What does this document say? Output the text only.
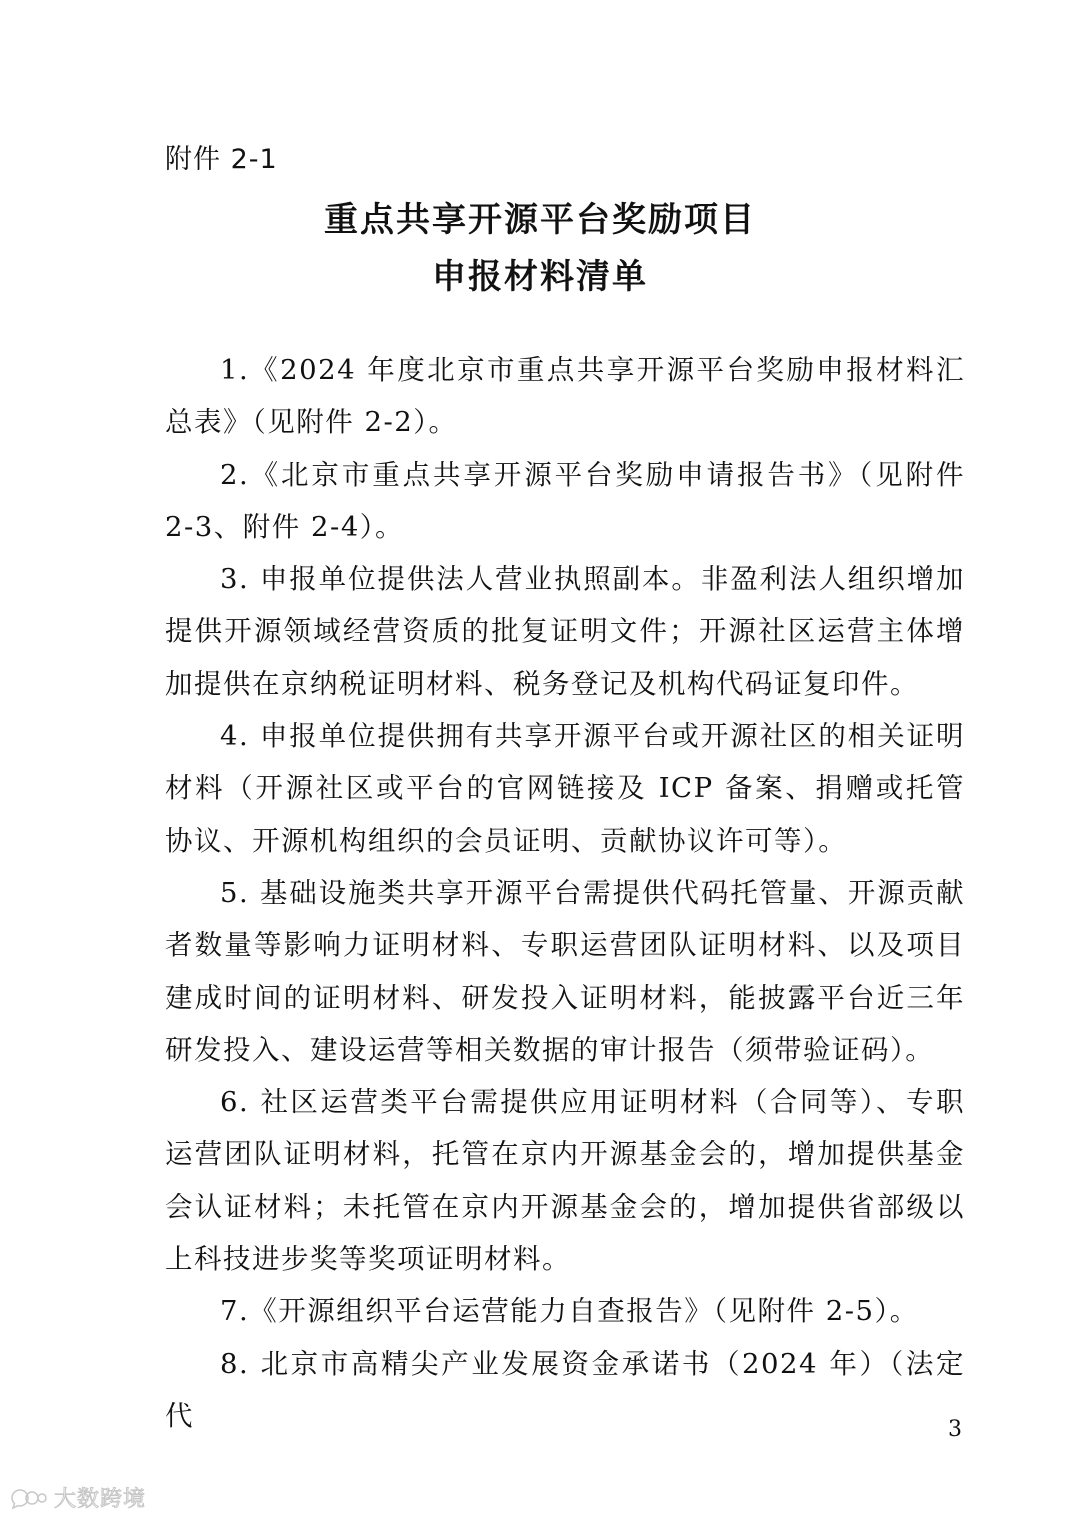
附件 2-1
重点共享开源平台奖励项目
申报材料清单

1.《2024 年度北京市重点共享开源平台奖励申报材料汇总表》（见附件 2-2）。

2.《北京市重点共享开源平台奖励申请报告书》（见附件 2-3、附件 2-4）。

3. 申报单位提供法人营业执照副本。非盈利法人组织增加提供开源领域经营资质的批复证明文件；开源社区运营主体增加提供在京纳税证明材料、税务登记及机构代码证复印件。

4. 申报单位提供拥有共享开源平台或开源社区的相关证明材料（开源社区或平台的官网链接及 ICP 备案、捐赠或托管协议、开源机构组织的会员证明、贡献协议许可等）。

5. 基础设施类共享开源平台需提供代码托管量、开源贡献者数量等影响力证明材料、专职运营团队证明材料、以及项目建成时间的证明材料、研发投入证明材料，能披露平台近三年研发投入、建设运营等相关数据的审计报告（须带验证码）。

6. 社区运营类平台需提供应用证明材料（合同等）、专职运营团队证明材料，托管在京内开源基金会的，增加提供基金会认证材料；未托管在京内开源基金会的，增加提供省部级以上科技进步奖等奖项证明材料。

7.《开源组织平台运营能力自查报告》（见附件 2-5）。

8. 北京市高精尖产业发展资金承诺书（2024 年）（法定代	3
大数跨境
